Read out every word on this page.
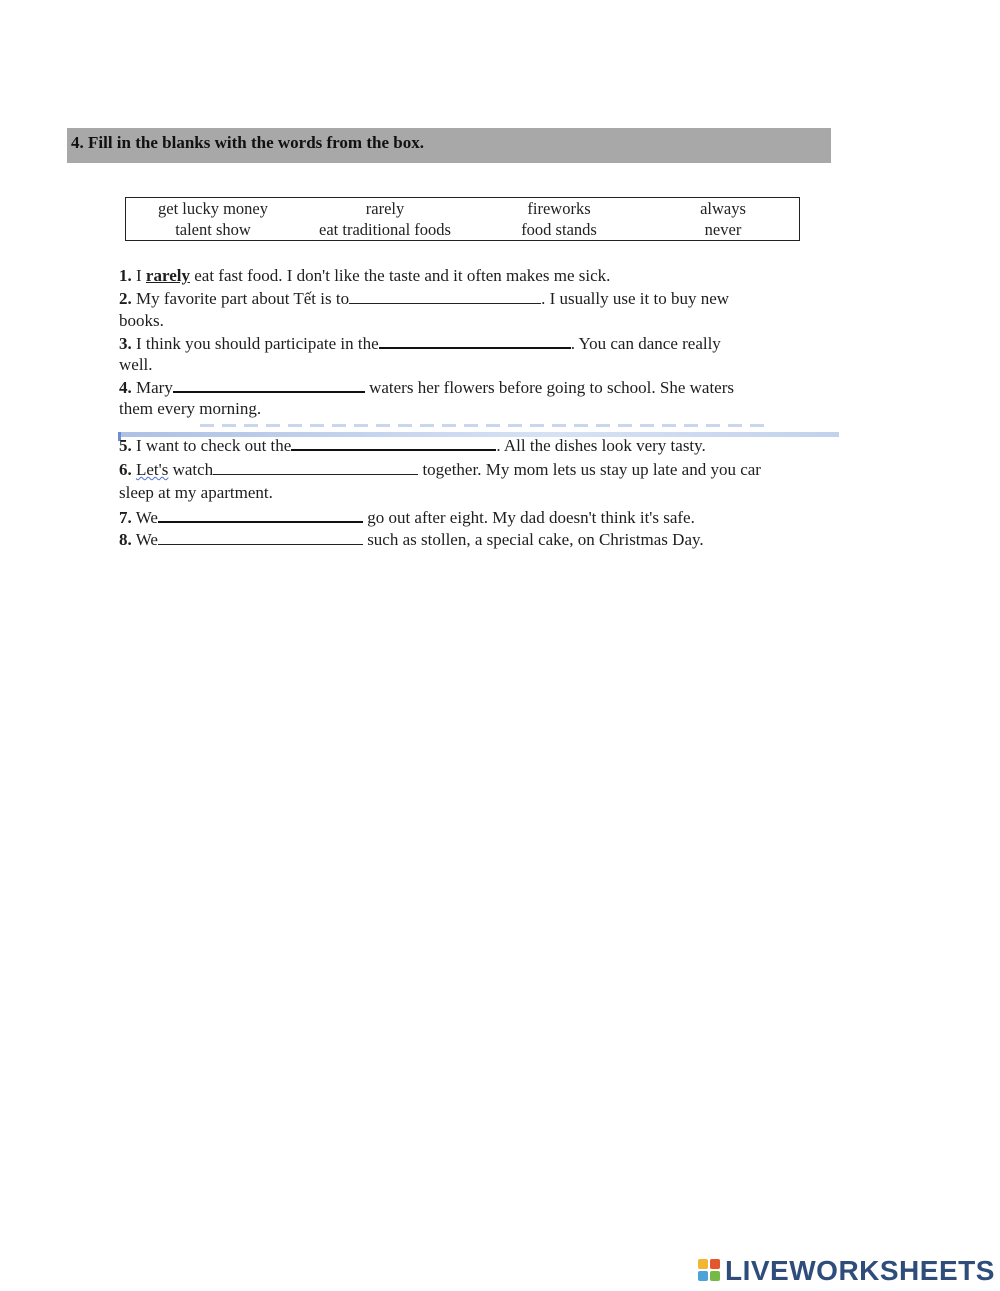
4. Fill in the blanks with the words from the box.
get lucky money	rarely	fireworks	always
talent show	eat traditional foods	food stands	never
1. I rarely eat fast food. I don't like the taste and it often makes me sick.
2. My favorite part about Tết is to	. I usually use it to buy new
books.
3. I think you should participate in the	. You can dance really
well.
4. Mary	waters her flowers before going to school. She waters
them every morning.
5. I want to check out the	. All the dishes look very tasty.
6. Let's watch	together. My mom lets us stay up late and you car
sleep at my apartment.
7. We	go out after eight. My dad doesn't think it's safe.
8. We	such as stollen, a special cake, on Christmas Day.
LIVEWORKSHEETS
